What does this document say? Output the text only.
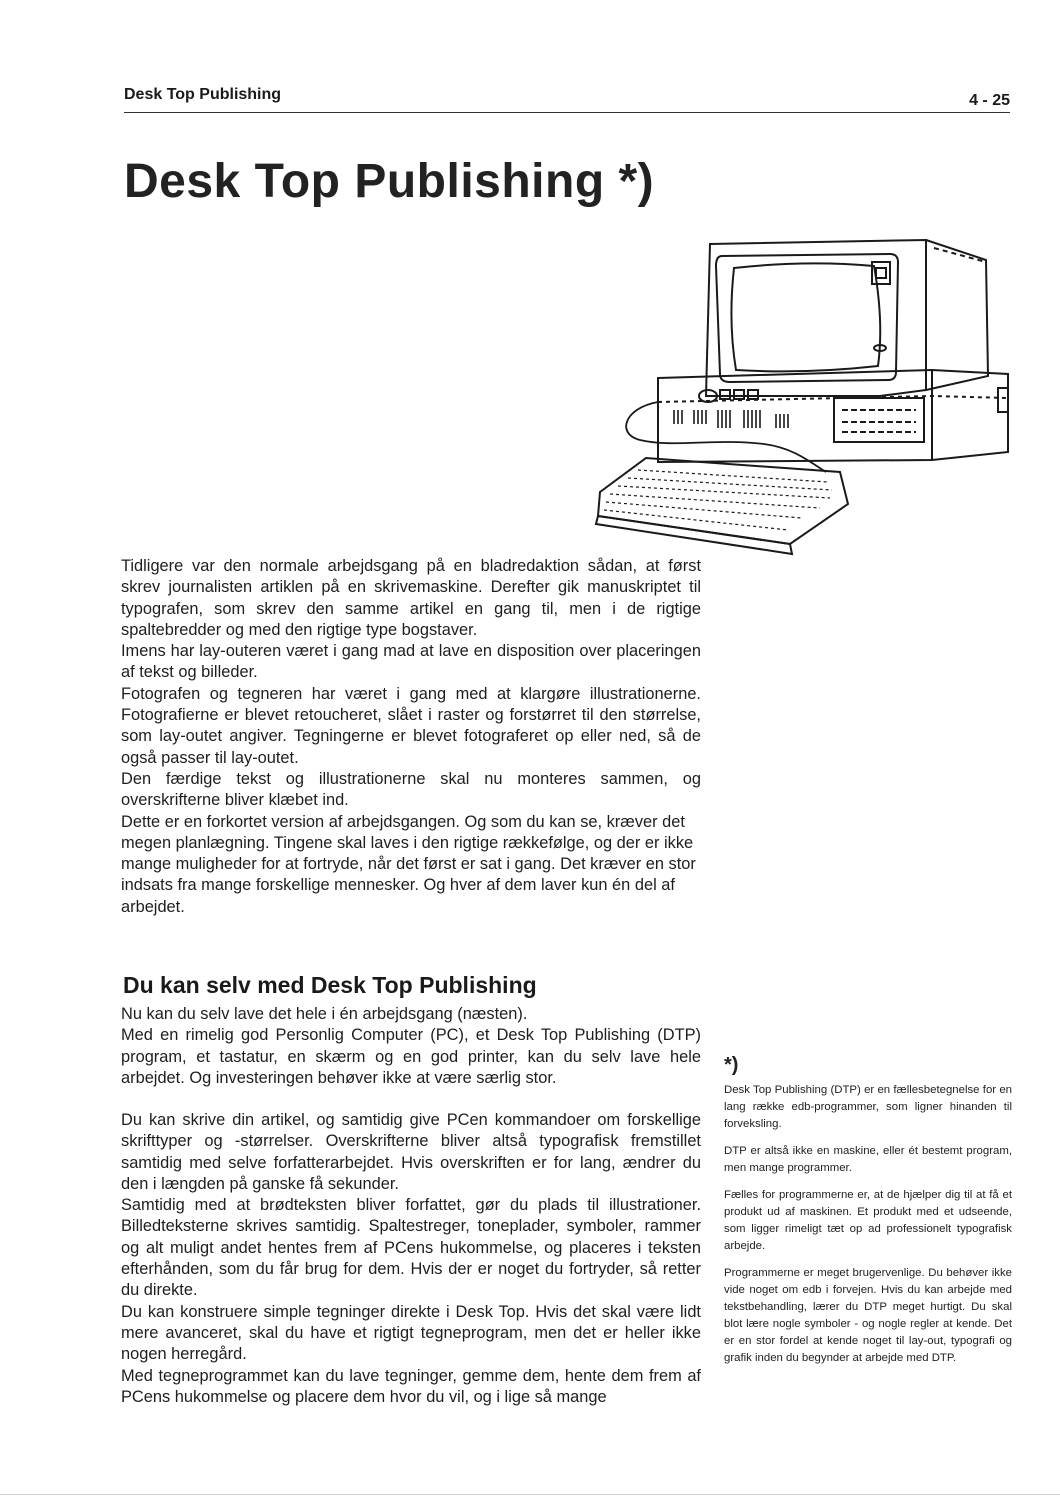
Desk Top Publishing	4 - 25
Desk Top Publishing *)

Tidligere var den normale arbejdsgang på en bladredaktion sådan, at først skrev journalisten artiklen på en skrivemaskine. Derefter gik manuskriptet til typografen, som skrev den samme artikel en gang til, men i de rigtige spaltebredder og med den rigtige type bogstaver.

Imens har lay-outeren været i gang mad at lave en disposition over placeringen af tekst og billeder.

Fotografen og tegneren har været i gang med at klargøre illustrationerne. Fotografierne er blevet retoucheret, slået i raster og forstørret til den størrelse, som lay-outet angiver. Tegningerne er blevet fotograferet op eller ned, så de også passer til lay-outet.

Den færdige tekst og illustrationerne skal nu monteres sammen, og overskrifterne bliver klæbet ind.

Dette er en forkortet version af arbejdsgangen. Og som du kan se, kræver det megen planlægning. Tingene skal laves i den rigtige rækkefølge, og der er ikke mange muligheder for at fortryde, når det først er sat i gang. Det kræver en stor indsats fra mange forskellige mennesker. Og hver af dem laver kun én del af arbejdet.

Du kan selv med Desk Top Publishing

Nu kan du selv lave det hele i én arbejdsgang (næsten).

Med en rimelig god Personlig Computer (PC), et Desk Top Publishing (DTP) program, et tastatur, en skærm og en god printer, kan du selv lave hele arbejdet. Og investeringen behøver ikke at være særlig stor.

Du kan skrive din artikel, og samtidig give PCen kommandoer om forskellige skrifttyper og -størrelser. Overskrifterne bliver altså typografisk fremstillet samtidig med selve forfatterarbejdet. Hvis overskriften er for lang, ændrer du den i længden på ganske få sekunder.

Samtidig med at brødteksten bliver forfattet, gør du plads til illustrationer. Billedteksterne skrives samtidig. Spaltestreger, toneplader, symboler, rammer og alt muligt andet hentes frem af PCens hukommelse, og placeres i teksten efterhånden, som du får brug for dem. Hvis der er noget du fortryder, så retter du direkte.

Du kan konstruere simple tegninger direkte i Desk Top. Hvis det skal være lidt mere avanceret, skal du have et rigtigt tegneprogram, men det er heller ikke nogen herregård.

Med tegneprogrammet kan du lave tegninger, gemme dem, hente dem frem af PCens hukommelse og placere dem hvor du vil, og i lige så mange

*)

Desk Top Publishing (DTP) er en fællesbetegnelse for en lang række edb-programmer, som ligner hinanden til forveksling.

DTP er altså ikke en maskine, eller ét bestemt program, men mange programmer.

Fælles for programmerne er, at de hjælper dig til at få et produkt ud af maskinen. Et produkt med et udseende, som ligger rimeligt tæt op ad professionelt typografisk arbejde.

Programmerne er meget brugervenlige. Du behøver ikke vide noget om edb i forvejen. Hvis du kan arbejde med tekstbehandling, lærer du DTP meget hurtigt. Du skal blot lære nogle symboler - og nogle regler at kende. Det er en stor fordel at kende noget til lay-out, typografi og grafik inden du begynder at arbejde med DTP.
